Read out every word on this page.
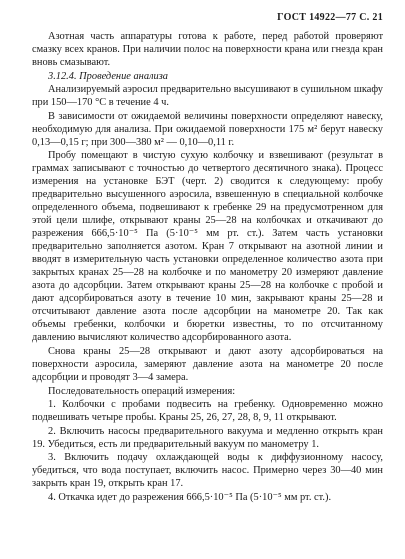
ГОСТ 14922—77 С. 21

Азотная часть аппаратуры готова к работе, перед работой проверяют смазку всех кранов. При наличии полос на поверхности крана или гнезда кран вновь смазывают.

3.12.4. Проведение анализа

Анализируемый аэросил предварительно высушивают в сушильном шкафу при 150—170 °С в течение 4 ч.

В зависимости от ожидаемой величины поверхности определяют навеску, необходимую для анализа. При ожидаемой поверхности 175 м² берут навеску 0,13—0,15 г; при 300—380 м² — 0,10—0,11 г.

Пробу помещают в чистую сухую колбочку и взвешивают (результат в граммах записывают с точностью до четвертого десятичного знака). Процесс измерения на установке БЭТ (черт. 2) сводится к следующему: пробу предварительно высушенного аэросила, взвешенную в специальной колбочке определенного объема, подвешивают к гребенке 29 на предусмотренном для этой цели шлифе, открывают краны 25—28 на колбочках и откачивают до разрежения 666,5·10⁻⁵ Па (5·10⁻⁵ мм рт. ст.). Затем часть установки предварительно заполняется азотом. Кран 7 открывают на азотной линии и вводят в измерительную часть установки определенное количество азота при закрытых кранах 25—28 на колбочке и по манометру 20 измеряют давление азота до адсорбции. Затем открывают краны 25—28 на колбочке с пробой и дают адсорбироваться азоту в течение 10 мин, закрывают краны 25—28 и отсчитывают давление азота после адсорбции на манометре 20. Так как объемы гребенки, колбочки и бюретки известны, то по отсчитанному давлению вычисляют количество адсорбированного азота.

Снова краны 25—28 открывают и дают азоту адсорбироваться на поверхности аэросила, замеряют давление азота на манометре 20 после адсорбции и проводят 3—4 замера.

Последовательность операций измерения:

1. Колбочки с пробами подвесить на гребенку. Одновременно можно подвешивать четыре пробы. Краны 25, 26, 27, 28, 8, 9, 11 открывают.

2. Включить насосы предварительного вакуума и медленно открыть кран 19. Убедиться, есть ли предварительный вакуум по манометру 1.

3. Включить подачу охлаждающей воды к диффузионному насосу, убедиться, что вода поступает, включить насос. Примерно через 30—40 мин закрыть кран 19, открыть кран 17.

4. Откачка идет до разрежения 666,5·10⁻⁵ Па (5·10⁻⁵ мм рт. ст.).
